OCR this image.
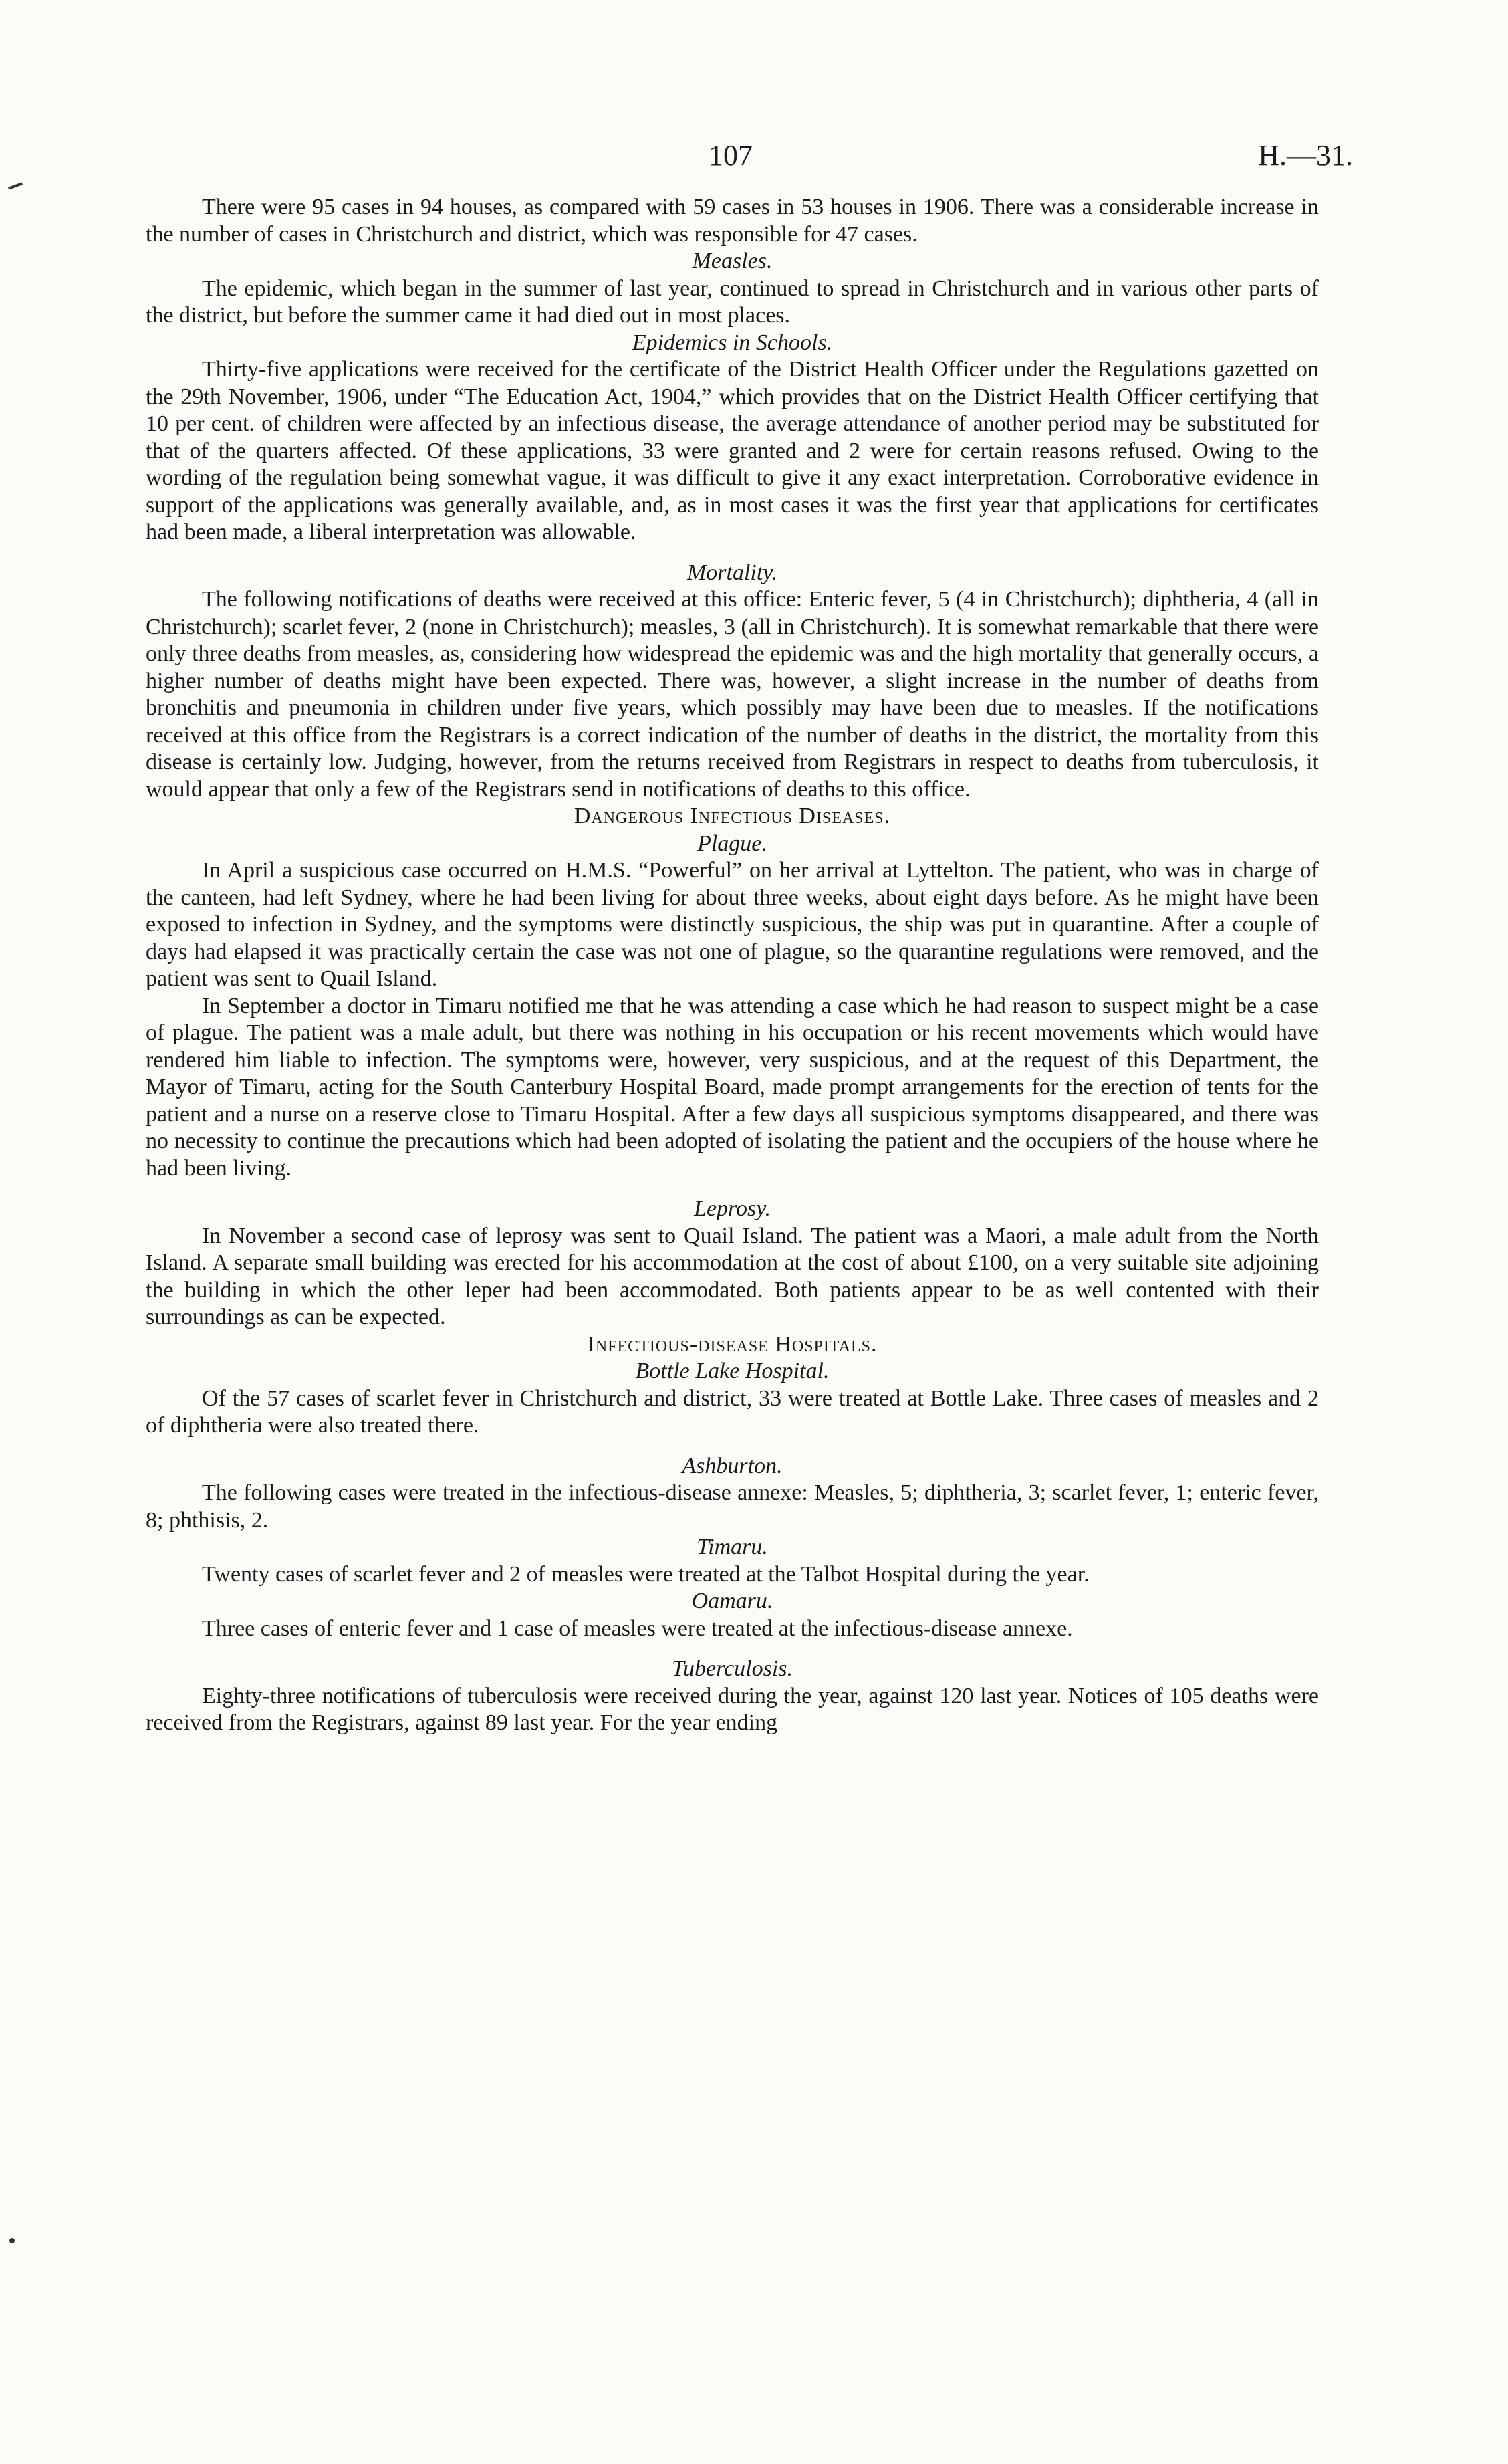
107	H.—31.

There were 95 cases in 94 houses, as compared with 59 cases in 53 houses in 1906. There was a considerable increase in the number of cases in Christchurch and district, which was responsible for 47 cases.

Measles.

The epidemic, which began in the summer of last year, continued to spread in Christchurch and in various other parts of the district, but before the summer came it had died out in most places.

Epidemics in Schools.

Thirty-five applications were received for the certificate of the District Health Officer under the Regulations gazetted on the 29th November, 1906, under “The Education Act, 1904,” which provides that on the District Health Officer certifying that 10 per cent. of children were affected by an infectious disease, the average attendance of another period may be substituted for that of the quarters affected. Of these applications, 33 were granted and 2 were for certain reasons refused. Owing to the wording of the regulation being somewhat vague, it was difficult to give it any exact interpretation. Corroborative evidence in support of the applications was generally available, and, as in most cases it was the first year that applications for certificates had been made, a liberal interpretation was allowable.

Mortality.

The following notifications of deaths were received at this office: Enteric fever, 5 (4 in Christchurch); diphtheria, 4 (all in Christchurch); scarlet fever, 2 (none in Christchurch); measles, 3 (all in Christchurch). It is somewhat remarkable that there were only three deaths from measles, as, considering how widespread the epidemic was and the high mortality that generally occurs, a higher number of deaths might have been expected. There was, however, a slight increase in the number of deaths from bronchitis and pneumonia in children under five years, which possibly may have been due to measles. If the notifications received at this office from the Registrars is a correct indication of the number of deaths in the district, the mortality from this disease is certainly low. Judging, however, from the returns received from Registrars in respect to deaths from tuberculosis, it would appear that only a few of the Registrars send in notifications of deaths to this office.

Dangerous Infectious Diseases.
Plague.

In April a suspicious case occurred on H.M.S. “Powerful” on her arrival at Lyttelton. The patient, who was in charge of the canteen, had left Sydney, where he had been living for about three weeks, about eight days before. As he might have been exposed to infection in Sydney, and the symptoms were distinctly suspicious, the ship was put in quarantine. After a couple of days had elapsed it was practically certain the case was not one of plague, so the quarantine regulations were removed, and the patient was sent to Quail Island.

In September a doctor in Timaru notified me that he was attending a case which he had reason to suspect might be a case of plague. The patient was a male adult, but there was nothing in his occupation or his recent movements which would have rendered him liable to infection. The symptoms were, however, very suspicious, and at the request of this Department, the Mayor of Timaru, acting for the South Canterbury Hospital Board, made prompt arrangements for the erection of tents for the patient and a nurse on a reserve close to Timaru Hospital. After a few days all suspicious symptoms disappeared, and there was no necessity to continue the precautions which had been adopted of isolating the patient and the occupiers of the house where he had been living.

Leprosy.

In November a second case of leprosy was sent to Quail Island. The patient was a Maori, a male adult from the North Island. A separate small building was erected for his accommodation at the cost of about £100, on a very suitable site adjoining the building in which the other leper had been accommodated. Both patients appear to be as well contented with their surroundings as can be expected.

Infectious-disease Hospitals.
Bottle Lake Hospital.

Of the 57 cases of scarlet fever in Christchurch and district, 33 were treated at Bottle Lake. Three cases of measles and 2 of diphtheria were also treated there.

Ashburton.

The following cases were treated in the infectious-disease annexe: Measles, 5; diphtheria, 3; scarlet fever, 1; enteric fever, 8; phthisis, 2.

Timaru.

Twenty cases of scarlet fever and 2 of measles were treated at the Talbot Hospital during the year.

Oamaru.

Three cases of enteric fever and 1 case of measles were treated at the infectious-disease annexe.

Tuberculosis.

Eighty-three notifications of tuberculosis were received during the year, against 120 last year. Notices of 105 deaths were received from the Registrars, against 89 last year. For the year ending
